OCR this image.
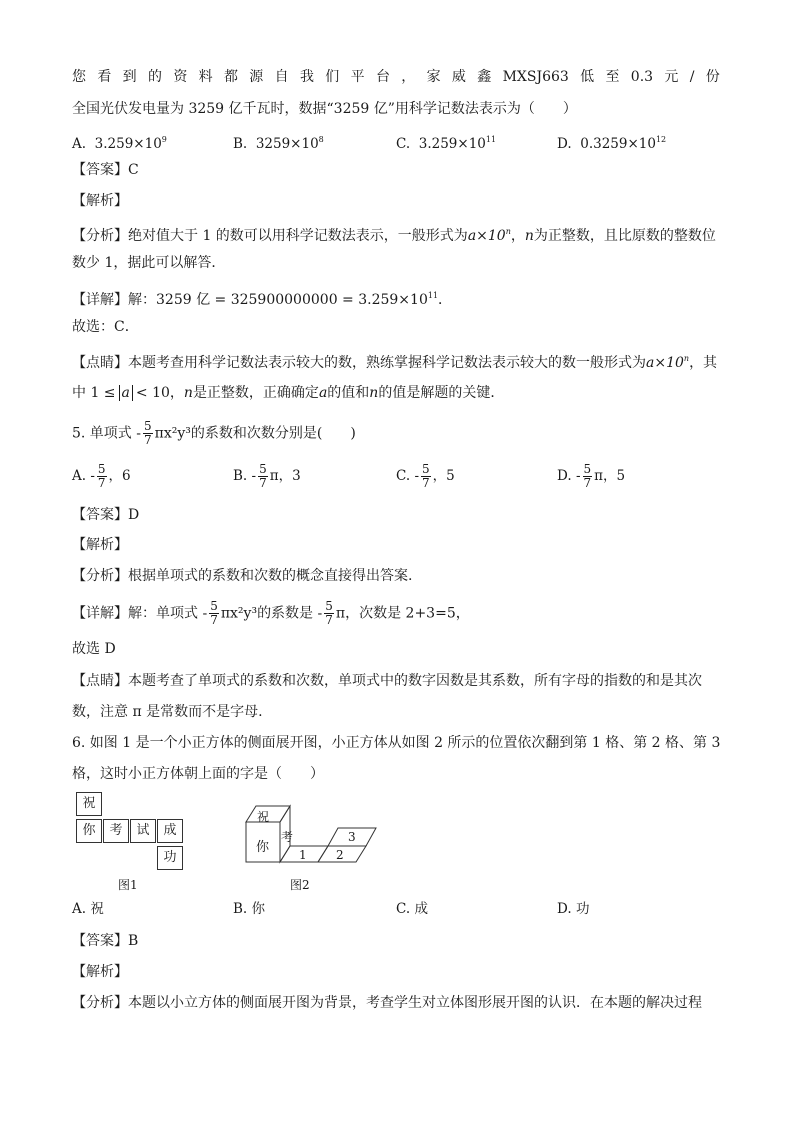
您 看 到 的 资 料 都 源 自 我 们 平 台 ， 家 威 鑫 MXSJ663 低 至 0.3 元 / 份
全国光伏发电量为 3259 亿千瓦时，数据“3259 亿”用科学记数法表示为（　　）
A. $3.259\times 10^9$	B. $3259\times 10^8$	C. $3.259\times 10^{11}$	D. $0.3259\times 10^{12}$
【答案】C
【解析】
【分析】绝对值大于 1 的数可以用科学记数法表示，一般形式为$a\times 10^n$，n为正整数，且比原数的整数位
数少 1，据此可以解答．
【详解】解：3259 亿 = $325900000000 = 3.259\times 10^{11}$．
故选：C．
【点睛】本题考查用科学记数法表示较大的数，熟练掌握科学记数法表示较大的数一般形式为$a\times 10^n$，其
中 1 ≤ a < 10，n是正整数，正确确定a的值和n的值是解题的关键．
5. 单项式 - $\frac{5}{7} \pi x^2y^3$的系数和次数分别是(　　)
A. - $\frac{5}{7}$ ，6	B. - $\frac{5}{7}$ π，3	C. - $\frac{5}{7}$ ，5	D. - $\frac{5}{7}$ π，5
【答案】D
【解析】
【分析】根据单项式的系数和次数的概念直接得出答案.
【详解】解：单项式 - $\frac{5}{7} \pi x^2y^3$的系数是 - $\frac{5}{7}$ π，次数是 2+3=5，
故选 D
【点睛】本题考查了单项式的系数和次数，单项式中的数字因数是其系数，所有字母的指数的和是其次
数，注意 π 是常数而不是字母.
6. 如图 1 是一个小正方体的侧面展开图，小正方体从如图 2 所示的位置依次翻到第 1 格、第 2 格、第 3
格，这时小正方体朝上面的字是（　　）
祝
你	考	试	成
功
图1
祝
你
考
1 2
3
图2
A. 祝	B. 你	C. 成	D. 功
【答案】B
【解析】
【分析】本题以小立方体的侧面展开图为背景，考查学生对立体图形展开图的认识．在本题的解决过程
